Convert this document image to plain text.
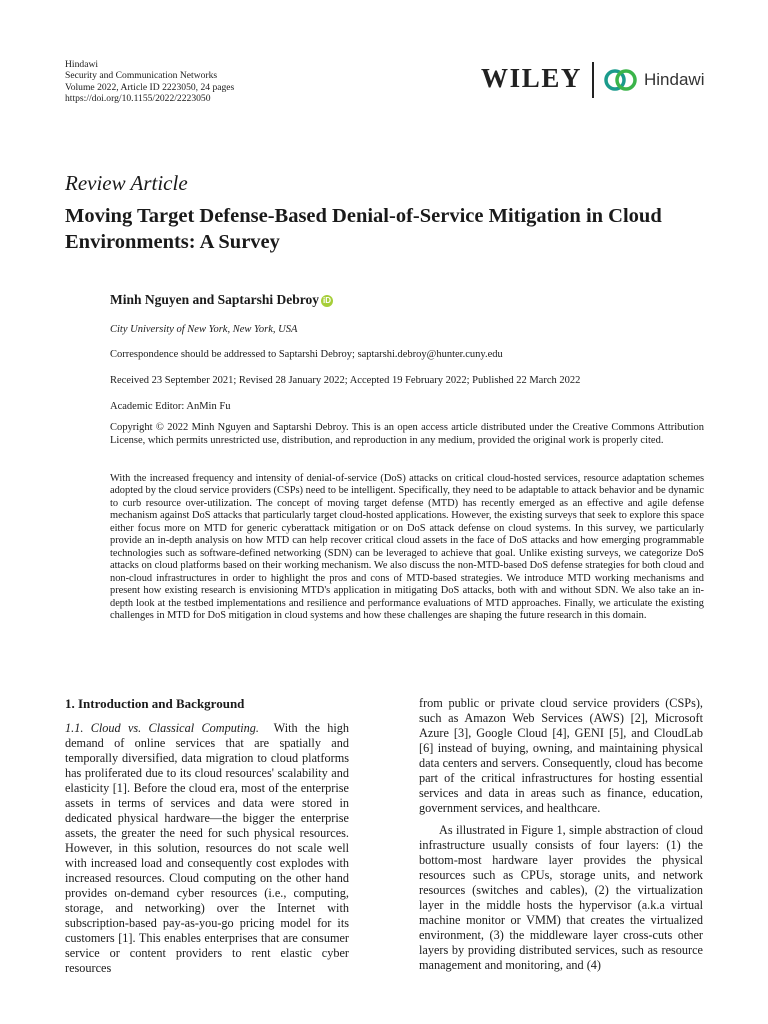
Hindawi
Security and Communication Networks
Volume 2022, Article ID 2223050, 24 pages
https://doi.org/10.1155/2022/2223050
WILEY	Hindawi
Review Article
Moving Target Defense-Based Denial-of-Service Mitigation in Cloud Environments: A Survey
Minh Nguyen and Saptarshi Debroy iD
City University of New York, New York, USA
Correspondence should be addressed to Saptarshi Debroy; saptarshi.debroy@hunter.cuny.edu
Received 23 September 2021; Revised 28 January 2022; Accepted 19 February 2022; Published 22 March 2022
Academic Editor: AnMin Fu
Copyright © 2022 Minh Nguyen and Saptarshi Debroy. This is an open access article distributed under the Creative Commons Attribution License, which permits unrestricted use, distribution, and reproduction in any medium, provided the original work is properly cited.
With the increased frequency and intensity of denial-of-service (DoS) attacks on critical cloud-hosted services, resource adaptation schemes adopted by the cloud service providers (CSPs) need to be intelligent. Specifically, they need to be adaptable to attack behavior and be dynamic to curb resource over-utilization. The concept of moving target defense (MTD) has recently emerged as an effective and agile defense mechanism against DoS attacks that particularly target cloud-hosted applications. However, the existing surveys that seek to explore this space either focus more on MTD for generic cyberattack mitigation or on DoS attack defense on cloud systems. In this survey, we particularly provide an in-depth analysis on how MTD can help recover critical cloud assets in the face of DoS attacks and how emerging programmable technologies such as software-defined networking (SDN) can be leveraged to achieve that goal. Unlike existing surveys, we categorize DoS attacks on cloud platforms based on their working mechanism. We also discuss the non-MTD-based DoS defense strategies for both cloud and non-cloud infrastructures in order to highlight the pros and cons of MTD-based strategies. We introduce MTD working mechanisms and present how existing research is envisioning MTD's application in mitigating DoS attacks, both with and without SDN. We also take an in-depth look at the testbed implementations and resilience and performance evaluations of MTD approaches. Finally, we articulate the existing challenges in MTD for DoS mitigation in cloud systems and how these challenges are shaping the future research in this domain.

1. Introduction and Background

1.1. Cloud vs. Classical Computing. With the high demand of online services that are spatially and temporally diversified, data migration to cloud platforms has proliferated due to its cloud resources' scalability and elasticity [1]. Before the cloud era, most of the enterprise assets in terms of services and data were stored in dedicated physical hardware—the bigger the enterprise assets, the greater the need for such physical resources. However, in this solution, resources do not scale well with increased load and consequently cost explodes with increased resources. Cloud computing on the other hand provides on-demand cyber resources (i.e., computing, storage, and networking) over the Internet with subscription-based pay-as-you-go pricing model for its customers [1]. This enables enterprises that are consumer service or content providers to rent elastic cyber resources

from public or private cloud service providers (CSPs), such as Amazon Web Services (AWS) [2], Microsoft Azure [3], Google Cloud [4], GENI [5], and CloudLab [6] instead of buying, owning, and maintaining physical data centers and servers. Consequently, cloud has become part of the critical infrastructures for hosting essential services and data in areas such as finance, education, government services, and healthcare.

As illustrated in Figure 1, simple abstraction of cloud infrastructure usually consists of four layers: (1) the bottom-most hardware layer provides the physical resources such as CPUs, storage units, and network resources (switches and cables), (2) the virtualization layer in the middle hosts the hypervisor (a.k.a virtual machine monitor or VMM) that creates the virtualized environment, (3) the middleware layer cross-cuts other layers by providing distributed services, such as resource management and monitoring, and (4)
